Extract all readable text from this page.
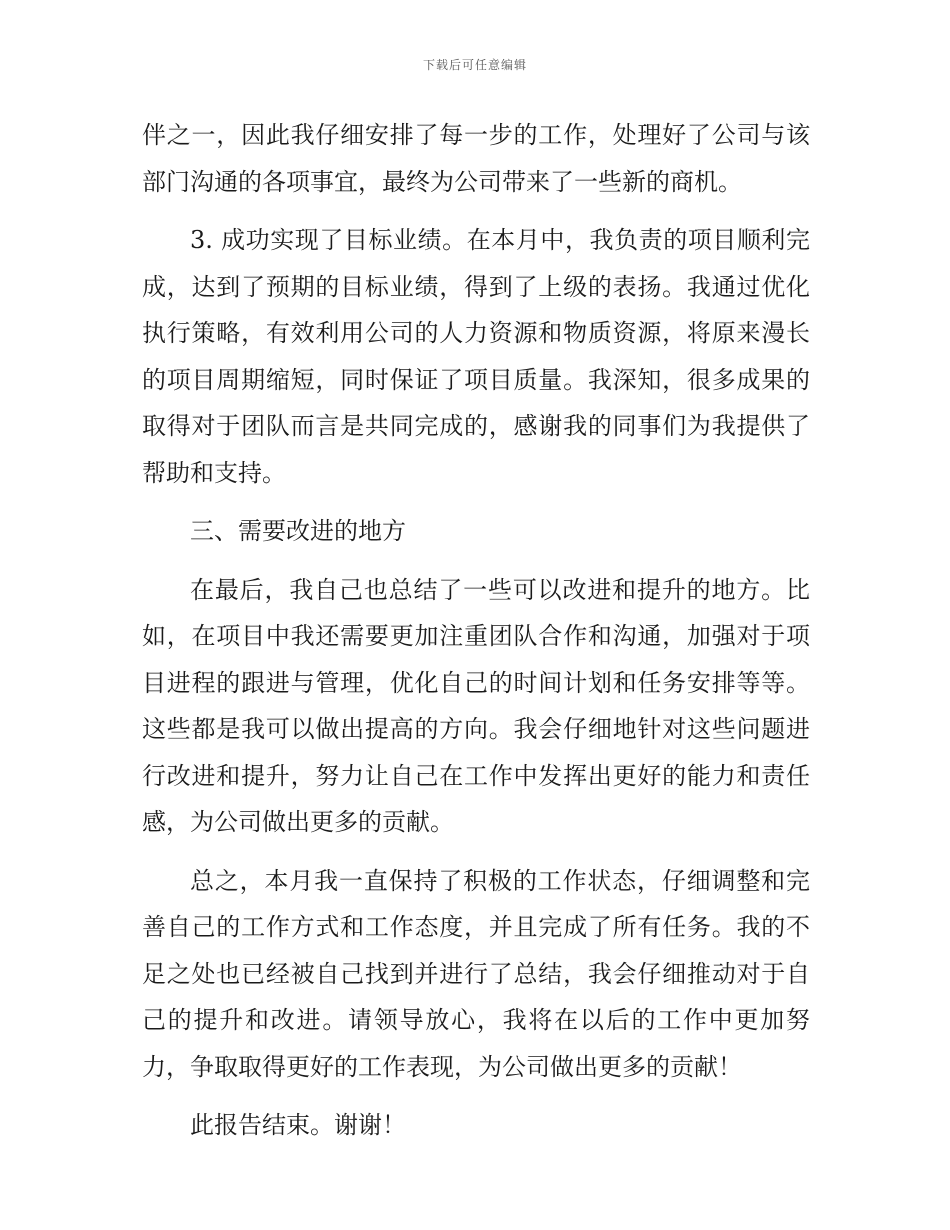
下载后可任意编辑

伴之一，因此我仔细安排了每一步的工作，处理好了公司与该部门沟通的各项事宜，最终为公司带来了一些新的商机。

3. 成功实现了目标业绩。在本月中，我负责的项目顺利完成，达到了预期的目标业绩，得到了上级的表扬。我通过优化执行策略，有效利用公司的人力资源和物质资源，将原来漫长的项目周期缩短，同时保证了项目质量。我深知，很多成果的取得对于团队而言是共同完成的，感谢我的同事们为我提供了帮助和支持。

三、需要改进的地方

在最后，我自己也总结了一些可以改进和提升的地方。比如，在项目中我还需要更加注重团队合作和沟通，加强对于项目进程的跟进与管理，优化自己的时间计划和任务安排等等。这些都是我可以做出提高的方向。我会仔细地针对这些问题进行改进和提升，努力让自己在工作中发挥出更好的能力和责任感，为公司做出更多的贡献。

总之，本月我一直保持了积极的工作状态，仔细调整和完善自己的工作方式和工作态度，并且完成了所有任务。我的不足之处也已经被自己找到并进行了总结，我会仔细推动对于自己的提升和改进。请领导放心，我将在以后的工作中更加努力，争取取得更好的工作表现，为公司做出更多的贡献！

此报告结束。谢谢！
